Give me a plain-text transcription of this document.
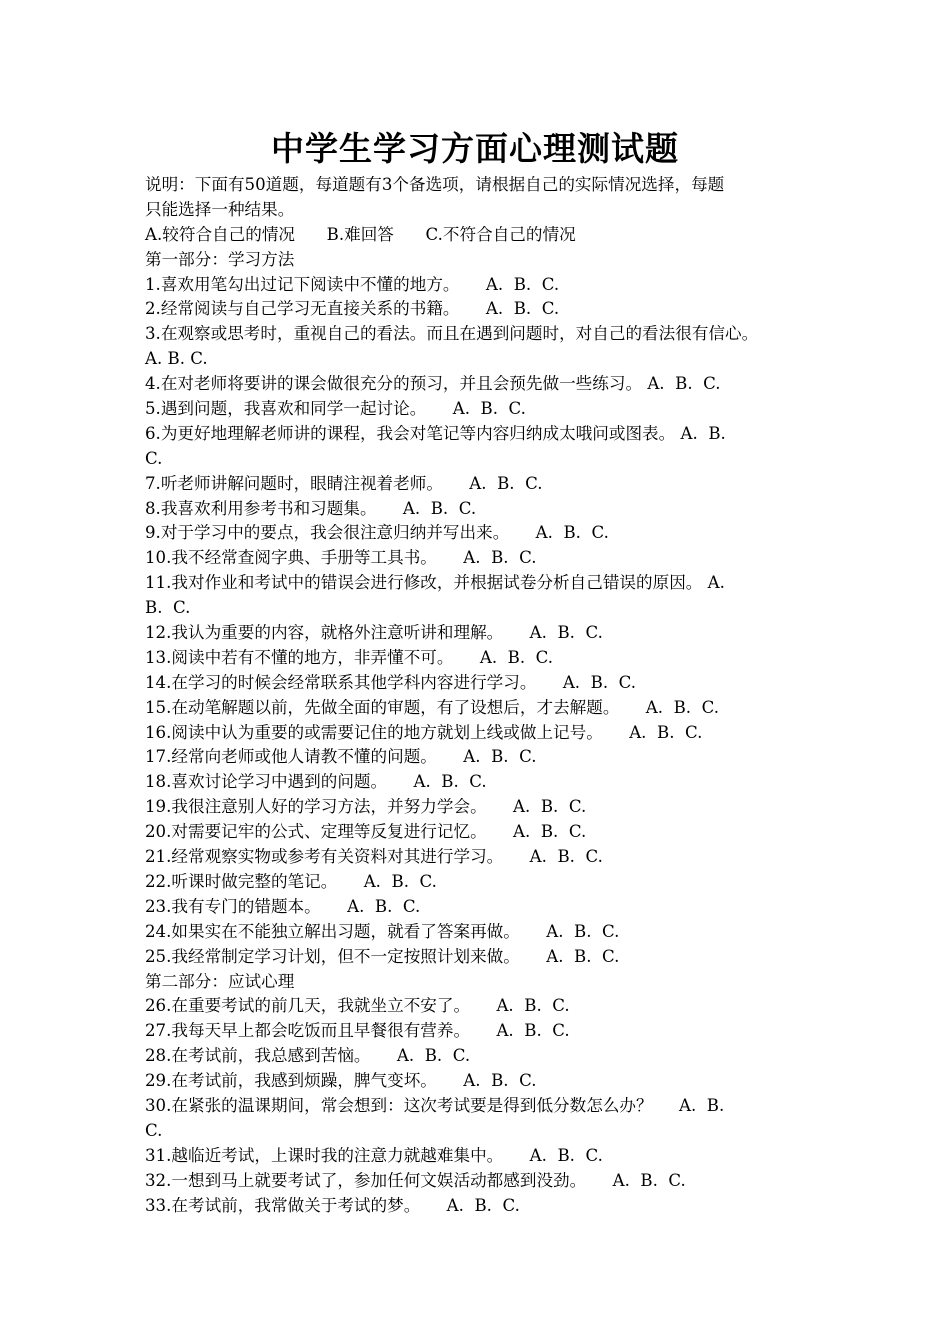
中学生学习方面心理测试题
说明：下面有50道题，每道题有3个备选项，请根据自己的实际情况选择，每题
只能选择一种结果。
A.较符合自己的情况      B.难回答      C.不符合自己的情况
第一部分：学习方法
1.喜欢用笔勾出过记下阅读中不懂的地方。     A.  B.  C.
2.经常阅读与自己学习无直接关系的书籍。     A.  B.  C.
3.在观察或思考时，重视自己的看法。而且在遇到问题时，对自己的看法很有信心。
A. B. C.
4.在对老师将要讲的课会做很充分的预习，并且会预先做一些练习。 A.  B.  C.
5.遇到问题，我喜欢和同学一起讨论。     A.  B.  C.
6.为更好地理解老师讲的课程，我会对笔记等内容归纳成太哦问或图表。 A.  B.
C.
7.听老师讲解问题时，眼睛注视着老师。     A.  B.  C.
8.我喜欢利用参考书和习题集。     A.  B.  C.
9.对于学习中的要点，我会很注意归纳并写出来。     A.  B.  C.
10.我不经常查阅字典、手册等工具书。     A.  B.  C.
11.我对作业和考试中的错误会进行修改，并根据试卷分析自己错误的原因。 A.
B.  C.
12.我认为重要的内容，就格外注意听讲和理解。     A.  B.  C.
13.阅读中若有不懂的地方，非弄懂不可。     A.  B.  C.
14.在学习的时候会经常联系其他学科内容进行学习。     A.  B.  C.
15.在动笔解题以前，先做全面的审题，有了设想后，才去解题。     A.  B.  C.
16.阅读中认为重要的或需要记住的地方就划上线或做上记号。     A.  B.  C.
17.经常向老师或他人请教不懂的问题。     A.  B.  C.
18.喜欢讨论学习中遇到的问题。     A.  B.  C.
19.我很注意别人好的学习方法，并努力学会。     A.  B.  C.
20.对需要记牢的公式、定理等反复进行记忆。     A.  B.  C.
21.经常观察实物或参考有关资料对其进行学习。     A.  B.  C.
22.听课时做完整的笔记。     A.  B.  C.
23.我有专门的错题本。     A.  B.  C.
24.如果实在不能独立解出习题，就看了答案再做。     A.  B.  C.
25.我经常制定学习计划，但不一定按照计划来做。     A.  B.  C.
第二部分：应试心理
26.在重要考试的前几天，我就坐立不安了。     A.  B.  C.
27.我每天早上都会吃饭而且早餐很有营养。     A.  B.  C.
28.在考试前，我总感到苦恼。     A.  B.  C.
29.在考试前，我感到烦躁，脾气变坏。     A.  B.  C.
30.在紧张的温课期间，常会想到：这次考试要是得到低分数怎么办？     A.  B.
C.
31.越临近考试，上课时我的注意力就越难集中。     A.  B.  C.
32.一想到马上就要考试了，参加任何文娱活动都感到没劲。     A.  B.  C.
33.在考试前，我常做关于考试的梦。     A.  B.  C.
